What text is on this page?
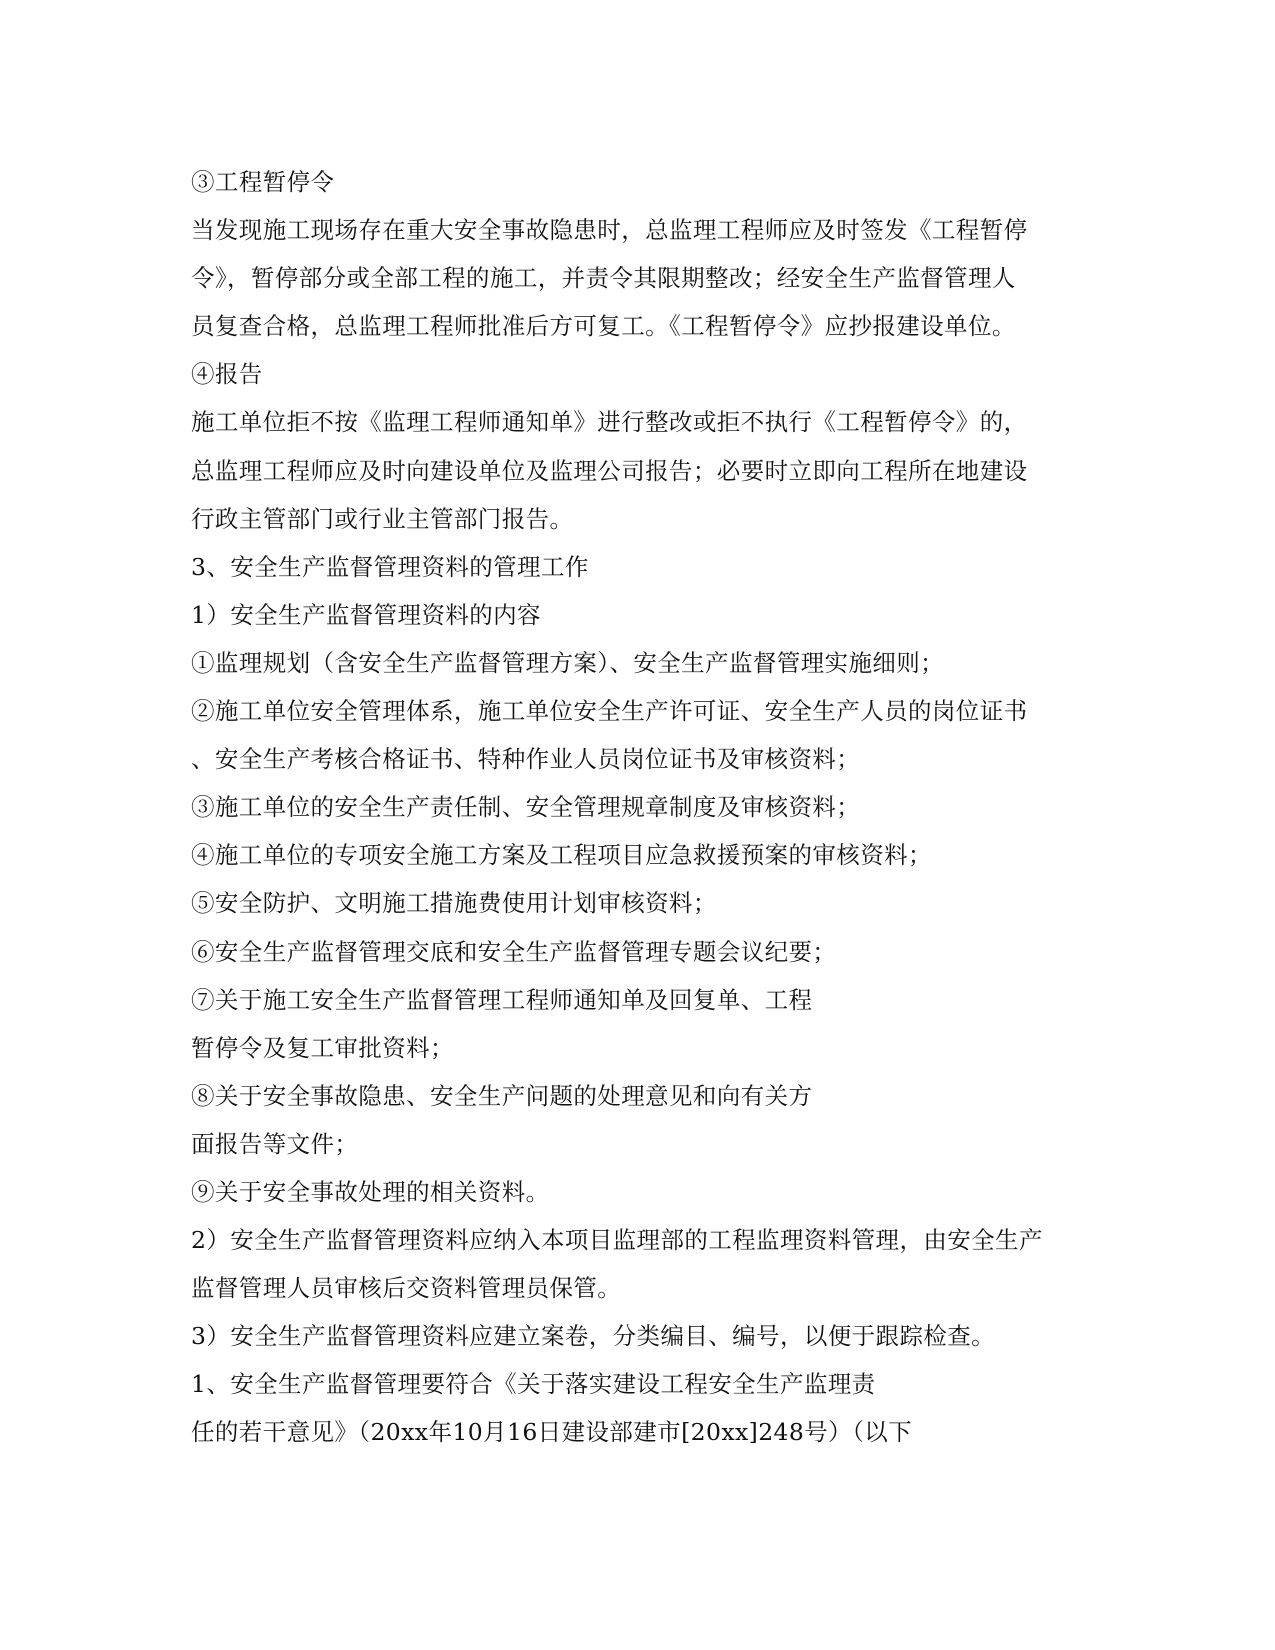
③工程暂停令
当发现施工现场存在重大安全事故隐患时，总监理工程师应及时签发《工程暂停
令》，暂停部分或全部工程的施工，并责令其限期整改；经安全生产监督管理人
员复查合格，总监理工程师批准后方可复工。《工程暂停令》应抄报建设单位。
④报告
施工单位拒不按《监理工程师通知单》进行整改或拒不执行《工程暂停令》的，
总监理工程师应及时向建设单位及监理公司报告；必要时立即向工程所在地建设
行政主管部门或行业主管部门报告。
3、安全生产监督管理资料的管理工作
1）安全生产监督管理资料的内容
①监理规划（含安全生产监督管理方案）、安全生产监督管理实施细则；
②施工单位安全管理体系，施工单位安全生产许可证、安全生产人员的岗位证书
、安全生产考核合格证书、特种作业人员岗位证书及审核资料；
③施工单位的安全生产责任制、安全管理规章制度及审核资料；
④施工单位的专项安全施工方案及工程项目应急救援预案的审核资料；
⑤安全防护、文明施工措施费使用计划审核资料；
⑥安全生产监督管理交底和安全生产监督管理专题会议纪要；
⑦关于施工安全生产监督管理工程师通知单及回复单、工程
暂停令及复工审批资料；
⑧关于安全事故隐患、安全生产问题的处理意见和向有关方
面报告等文件；
⑨关于安全事故处理的相关资料。
2）安全生产监督管理资料应纳入本项目监理部的工程监理资料管理，由安全生产
监督管理人员审核后交资料管理员保管。
3）安全生产监督管理资料应建立案卷，分类编目、编号，以便于跟踪检查。
1、安全生产监督管理要符合《关于落实建设工程安全生产监理责
任的若干意见》（20xx年10月16日建设部建市[20xx]248号）（以下
